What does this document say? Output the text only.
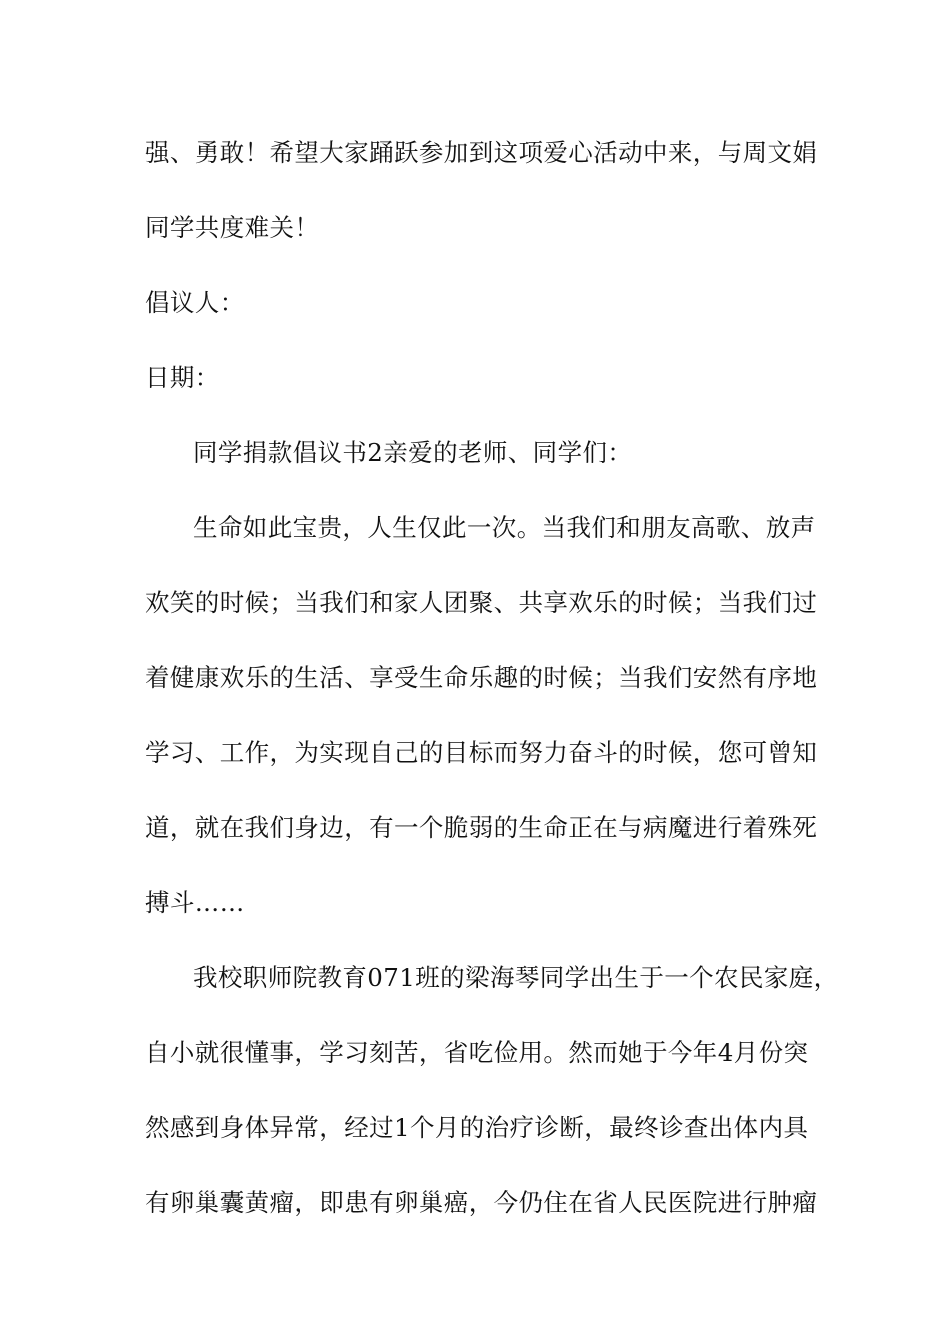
强、勇敢！希望大家踊跃参加到这项爱心活动中来，与周文娟
同学共度难关！
倡议人：
日期：
同学捐款倡议书2亲爱的老师、同学们：
生命如此宝贵，人生仅此一次。当我们和朋友高歌、放声
欢笑的时候；当我们和家人团聚、共享欢乐的时候；当我们过
着健康欢乐的生活、享受生命乐趣的时候；当我们安然有序地
学习、工作，为实现自己的目标而努力奋斗的时候，您可曾知
道，就在我们身边，有一个脆弱的生命正在与病魔进行着殊死
搏斗……
我校职师院教育071班的梁海琴同学出生于一个农民家庭，
自小就很懂事，学习刻苦，省吃俭用。然而她于今年4月份突
然感到身体异常，经过1个月的治疗诊断，最终诊查出体内具
有卵巢囊黄瘤，即患有卵巢癌，今仍住在省人民医院进行肿瘤
